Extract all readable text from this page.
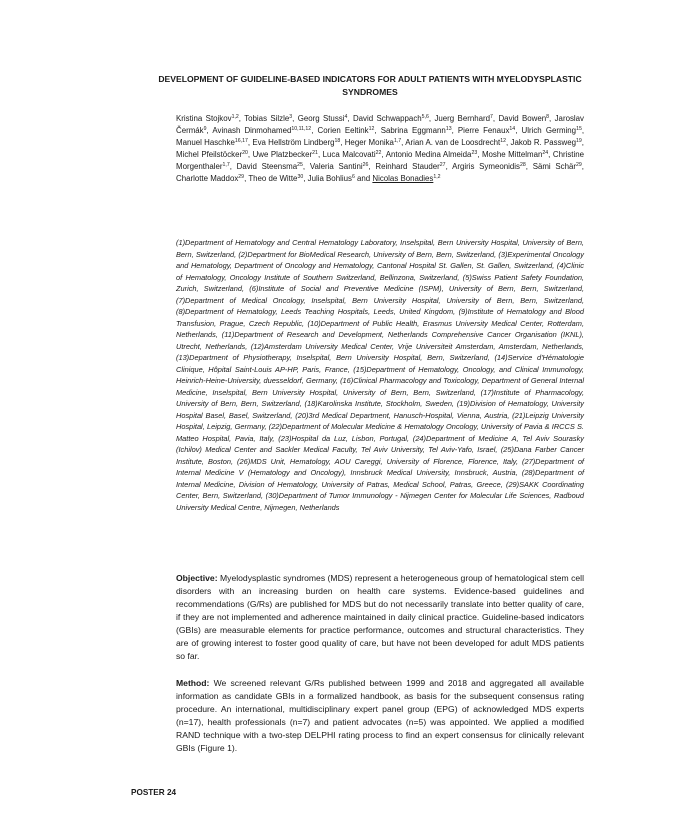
DEVELOPMENT OF GUIDELINE-BASED INDICATORS FOR ADULT PATIENTS WITH MYELODYSPLASTIC SYNDROMES

Kristina Stojkov$^{1,2}$, Tobias Silzle$^3$, Georg Stussi$^4$, David Schwappach$^{5,6}$, Juerg Bernhard$^7$, David Bowen$^8$, Jaroslav Čermák$^9$, Avinash Dinmohamed$^{10,11,12}$, Corien Eeltink$^{12}$, Sabrina Eggmann$^{13}$, Pierre Fenaux$^{14}$, Ulrich Germing$^{15}$, Manuel Haschke$^{16,17}$, Eva Hellström Lindberg$^{18}$, Heger Monika$^{1,7}$, Arian A. van de Loosdrecht$^{12}$, Jakob R. Passweg$^{19}$, Michel Pfeilstöcker$^{20}$, Uwe Platzbecker$^{21}$, Luca Malcovati$^{22}$, Antonio Medina Almeida$^{23}$, Moshe Mittelman$^{24}$, Christine Morgenthaler$^{1,7}$, David Steensma$^{25}$, Valeria Santini$^{26}$, Reinhard Stauder$^{27}$, Argiris Symeonidis$^{28}$, Sämi Schär$^{29}$, Charlotte Maddox$^{29}$, Theo de Witte$^{30}$, Julia Bohlius$^6$ and Nicolas Bonadies$^{1,2}$

(1)Department of Hematology and Central Hematology Laboratory, Inselspital, Bern University Hospital, University of Bern, Bern, Switzerland, (2)Department for BioMedical Research, University of Bern, Bern, Switzerland, (3)Experimental Oncology and Hematology, Department of Oncology and Hematology, Cantonal Hospital St. Gallen, St. Gallen, Switzerland, (4)Clinic of Hematology, Oncology Institute of Southern Switzerland, Bellinzona, Switzerland, (5)Swiss Patient Safety Foundation, Zurich, Switzerland, (6)Institute of Social and Preventive Medicine (ISPM), University of Bern, Bern, Switzerland, (7)Department of Medical Oncology, Inselspital, Bern University Hospital, University of Bern, Bern, Switzerland, (8)Department of Hematology, Leeds Teaching Hospitals, Leeds, United Kingdom, (9)Institute of Hematology and Blood Transfusion, Prague, Czech Republic, (10)Department of Public Health, Erasmus University Medical Center, Rotterdam, Netherlands, (11)Department of Research and Development, Netherlands Comprehensive Cancer Organisation (IKNL), Utrecht, Netherlands, (12)Amsterdam University Medical Center, Vrije Universiteit Amsterdam, Amsterdam, Netherlands, (13)Department of Physiotherapy, Inselspital, Bern University Hospital, Bern, Switzerland, (14)Service d'Hématologie Clinique, Hôpital Saint-Louis AP-HP, Paris, France, (15)Department of Hematology, Oncology, and Clinical Immunology, Heinrich-Heine-University, duesseldorf, Germany, (16)Clinical Pharmacology and Toxicology, Department of General Internal Medicine, Inselspital, Bern University Hospital, University of Bern, Bern, Switzerland, (17)Institute of Pharmacology, University of Bern, Bern, Switzerland, (18)Karolinska Institute, Stockholm, Sweden, (19)Division of Hematology, University Hospital Basel, Basel, Switzerland, (20)3rd Medical Department, Hanusch-Hospital, Vienna, Austria, (21)Leipzig University Hospital, Leipzig, Germany, (22)Department of Molecular Medicine & Hematology Oncology, University of Pavia & IRCCS S. Matteo Hospital, Pavia, Italy, (23)Hospital da Luz, Lisbon, Portugal, (24)Department of Medicine A, Tel Aviv Sourasky (Ichilov) Medical Center and Sackler Medical Faculty, Tel Aviv University, Tel Aviv-Yafo, Israel, (25)Dana Farber Cancer Institute, Boston, (26)MDS Unit, Hematology, AOU Careggi, University of Florence, Florence, Italy, (27)Department of Internal Medicine V (Hematology and Oncology), Innsbruck Medical University, Innsbruck, Austria, (28)Department of Internal Medicine, Division of Hematology, University of Patras, Medical School, Patras, Greece, (29)SAKK Coordinating Center, Bern, Switzerland, (30)Department of Tumor Immunology - Nijmegen Center for Molecular Life Sciences, Radboud University Medical Centre, Nijmegen, Netherlands

Objective: Myelodysplastic syndromes (MDS) represent a heterogeneous group of hematological stem cell disorders with an increasing burden on health care systems. Evidence-based guidelines and recommendations (G/Rs) are published for MDS but do not necessarily translate into better quality of care, if they are not implemented and adherence maintained in daily clinical practice. Guideline-based indicators (GBIs) are measurable elements for practice performance, outcomes and structural characteristics. They are of growing interest to foster good quality of care, but have not been developed for adult MDS patients so far.

Method: We screened relevant G/Rs published between 1999 and 2018 and aggregated all available information as candidate GBIs in a formalized handbook, as basis for the subsequent consensus rating procedure. An international, multidisciplinary expert panel group (EPG) of acknowledged MDS experts (n=17), health professionals (n=7) and patient advocates (n=5) was appointed. We applied a modified RAND technique with a two-step DELPHI rating process to find an expert consensus for clinically relevant GBIs (Figure 1).

POSTER 24
